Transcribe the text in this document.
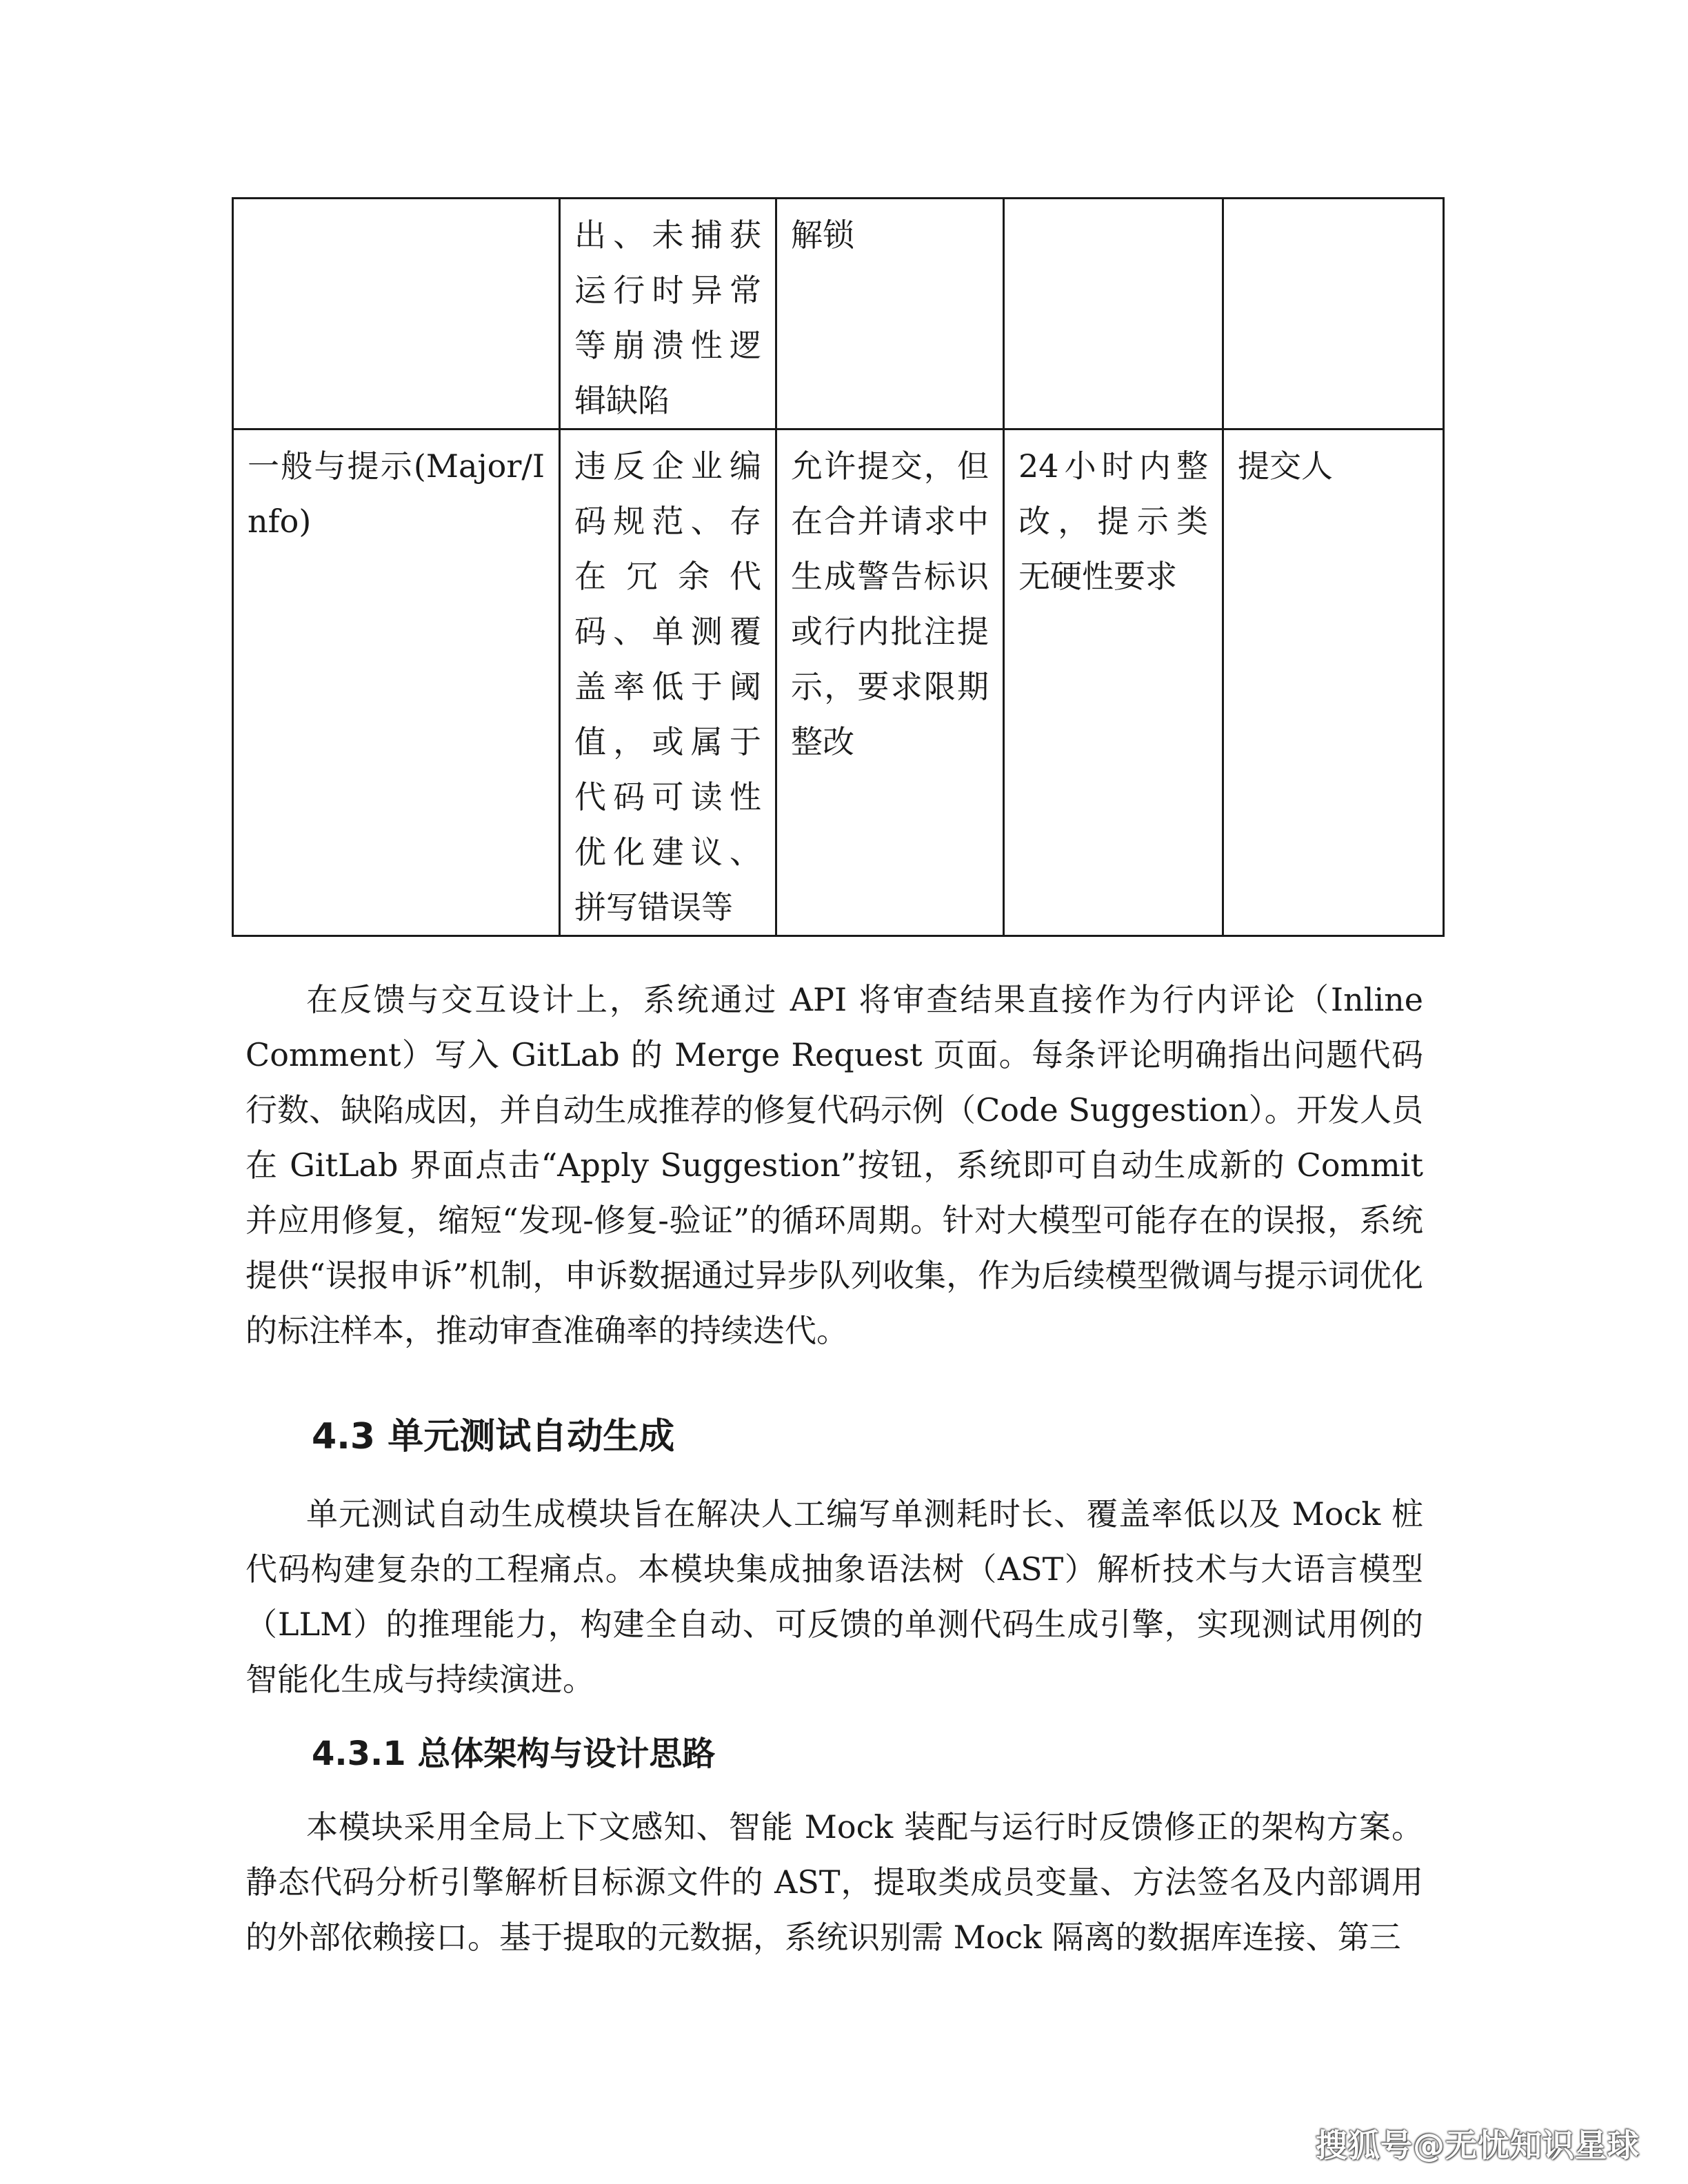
	出、未捕获运行时异常等崩溃性逻辑缺陷	解锁		
一般与提示(Major/Info)	违反企业编码规范、存在冗余代码、单测覆盖率低于阈值，或属于代码可读性优化建议、拼写错误等	允许提交，但在合并请求中生成警告标识或行内批注提示，要求限期整改	24小时内整改，提示类无硬性要求	提交人

在反馈与交互设计上，系统通过 API 将审查结果直接作为行内评论（Inline Comment）写入 GitLab 的 Merge Request 页面。每条评论明确指出问题代码行数、缺陷成因，并自动生成推荐的修复代码示例（Code Suggestion）。开发人员在 GitLab 界面点击“Apply Suggestion”按钮，系统即可自动生成新的 Commit 并应用修复，缩短“发现-修复-验证”的循环周期。针对大模型可能存在的误报，系统提供“误报申诉”机制，申诉数据通过异步队列收集，作为后续模型微调与提示词优化的标注样本，推动审查准确率的持续迭代。

4.3 单元测试自动生成

单元测试自动生成模块旨在解决人工编写单测耗时长、覆盖率低以及 Mock 桩代码构建复杂的工程痛点。本模块集成抽象语法树（AST）解析技术与大语言模型（LLM）的推理能力，构建全自动、可反馈的单测代码生成引擎，实现测试用例的智能化生成与持续演进。

4.3.1 总体架构与设计思路

本模块采用全局上下文感知、智能 Mock 装配与运行时反馈修正的架构方案。静态代码分析引擎解析目标源文件的 AST，提取类成员变量、方法签名及内部调用的外部依赖接口。基于提取的元数据，系统识别需 Mock 隔离的数据库连接、第三

搜狐号@无忧知识星球
